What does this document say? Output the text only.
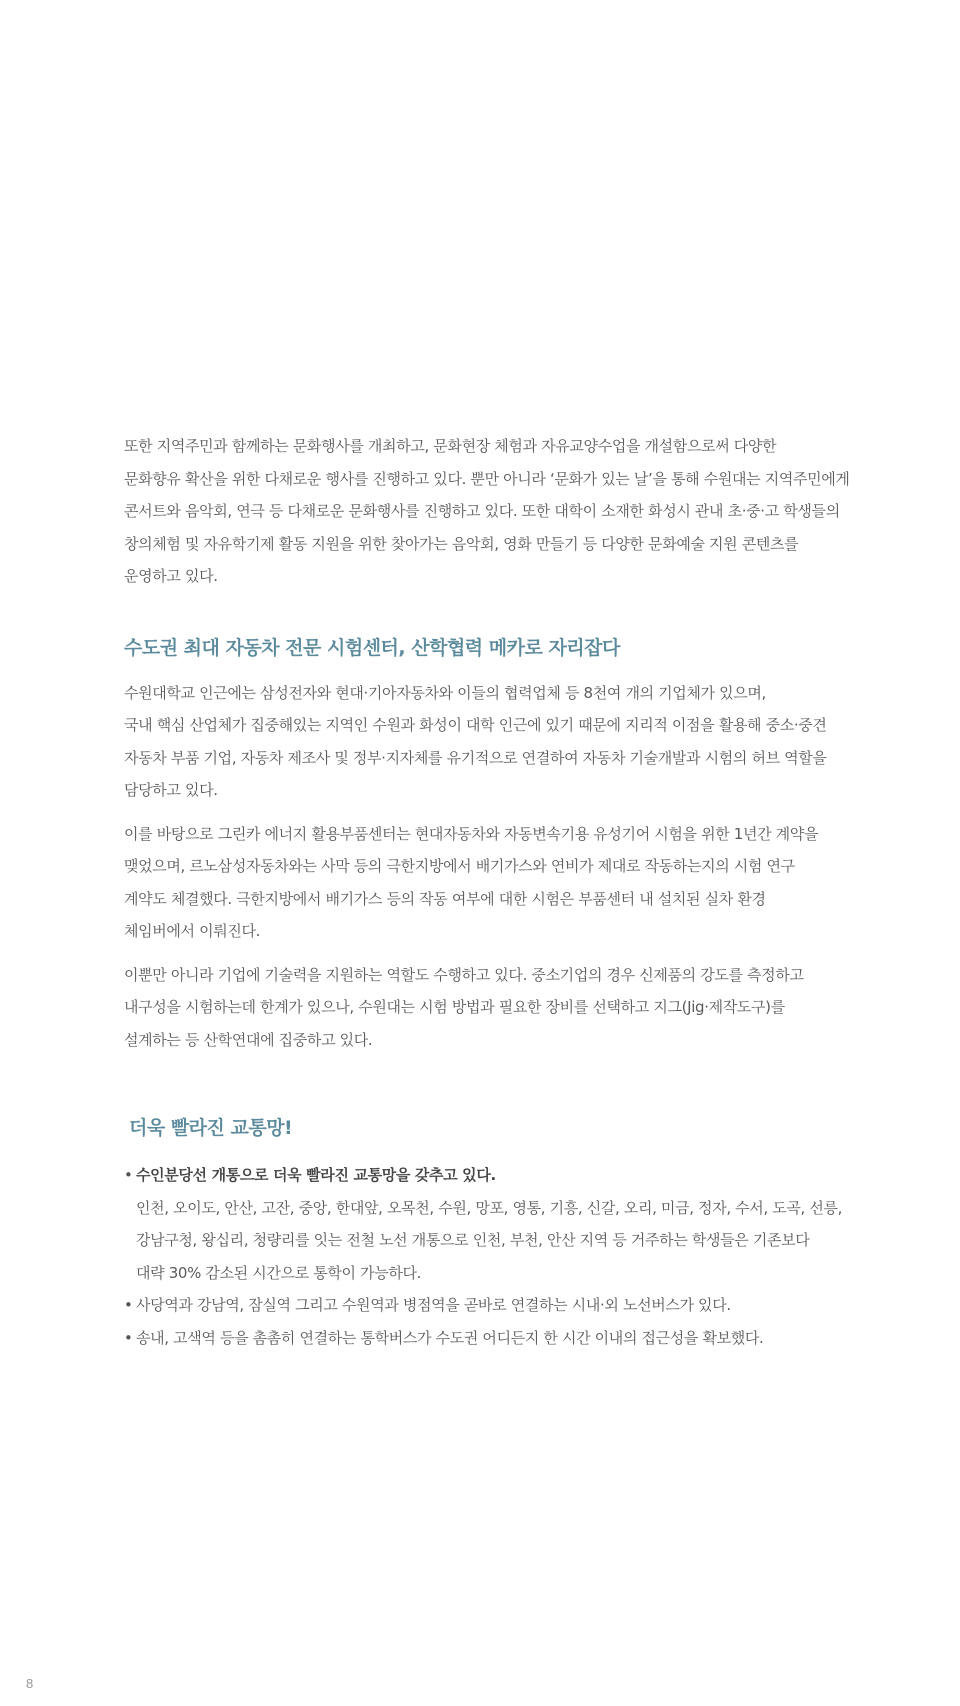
또한 지역주민과 함께하는 문화행사를 개최하고, 문화현장 체험과 자유교양수업을 개설함으로써 다양한
문화향유 확산을 위한 다채로운 행사를 진행하고 있다. 뿐만 아니라 ‘문화가 있는 날’을 통해 수원대는 지역주민에게
콘서트와 음악회, 연극 등 다채로운 문화행사를 진행하고 있다. 또한 대학이 소재한 화성시 관내 초·중·고 학생들의
창의체험 및 자유학기제 활동 지원을 위한 찾아가는 음악회, 영화 만들기 등 다양한 문화예술 지원 콘텐츠를
운영하고 있다.

수도권 최대 자동차 전문 시험센터, 산학협력 메카로 자리잡다

수원대학교 인근에는 삼성전자와 현대·기아자동차와 이들의 협력업체 등 8천여 개의 기업체가 있으며,
국내 핵심 산업체가 집중해있는 지역인 수원과 화성이 대학 인근에 있기 때문에 지리적 이점을 활용해 중소·중견
자동차 부품 기업, 자동차 제조사 및 정부·지자체를 유기적으로 연결하여 자동차 기술개발과 시험의 허브 역할을
담당하고 있다.

이를 바탕으로 그린카 에너지 활용부품센터는 현대자동차와 자동변속기용 유성기어 시험을 위한 1년간 계약을
맺었으며, 르노삼성자동차와는 사막 등의 극한지방에서 배기가스와 연비가 제대로 작동하는지의 시험 연구
계약도 체결했다. 극한지방에서 배기가스 등의 작동 여부에 대한 시험은 부품센터 내 설치된 실차 환경
체임버에서 이뤄진다.

이뿐만 아니라 기업에 기술력을 지원하는 역할도 수행하고 있다. 중소기업의 경우 신제품의 강도를 측정하고
내구성을 시험하는데 한계가 있으나, 수원대는 시험 방법과 필요한 장비를 선택하고 지그(Jig·제작도구)를
설계하는 등 산학연대에 집중하고 있다.

더욱 빨라진 교통망!
• 수인분당선 개통으로 더욱 빨라진 교통망을 갖추고 있다.
인천, 오이도, 안산, 고잔, 중앙, 한대앞, 오목천, 수원, 망포, 영통, 기흥, 신갈, 오리, 미금, 정자, 수서, 도곡, 선릉,
강남구청, 왕십리, 청량리를 잇는 전철 노선 개통으로 인천, 부천, 안산 지역 등 거주하는 학생들은 기존보다
대략 30% 감소된 시간으로 통학이 가능하다.
• 사당역과 강남역, 잠실역 그리고 수원역과 병점역을 곧바로 연결하는 시내·외 노선버스가 있다.
• 송내, 고색역 등을 촘촘히 연결하는 통학버스가 수도권 어디든지 한 시간 이내의 접근성을 확보했다.
8
